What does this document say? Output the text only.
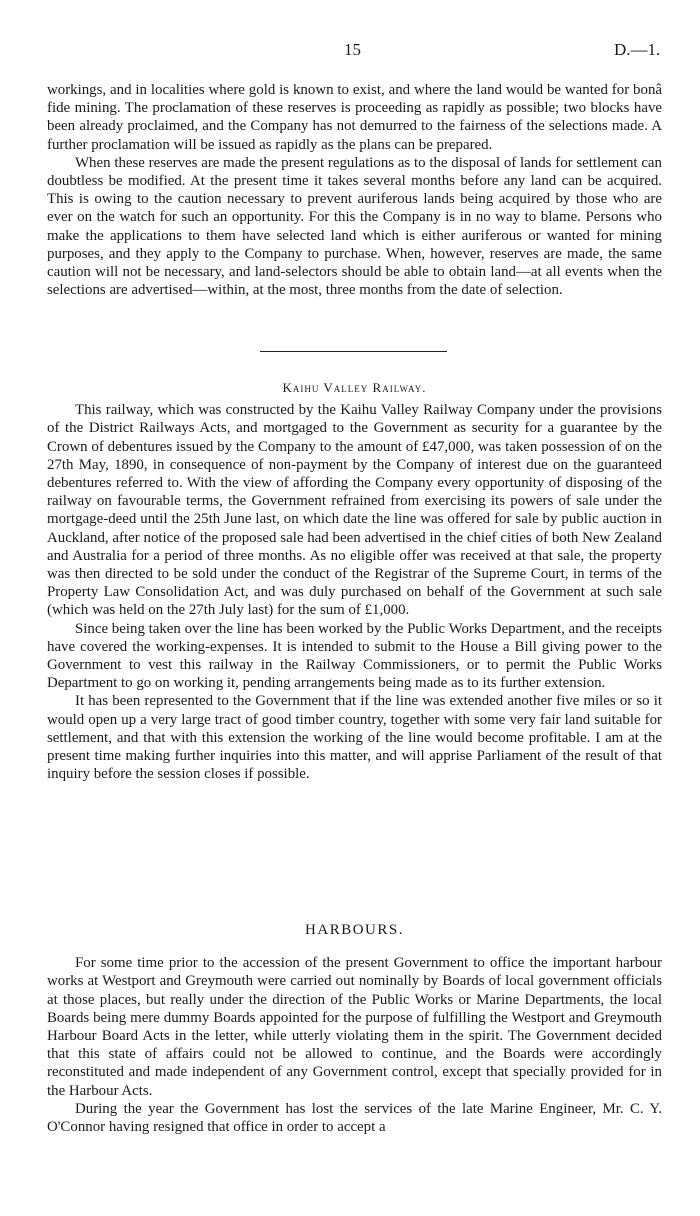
15	D.—1.

workings, and in localities where gold is known to exist, and where the land would be wanted for bonâ fide mining. The proclamation of these reserves is proceeding as rapidly as possible; two blocks have been already proclaimed, and the Company has not demurred to the fairness of the selections made. A further proclamation will be issued as rapidly as the plans can be prepared.

When these reserves are made the present regulations as to the disposal of lands for settlement can doubtless be modified. At the present time it takes several months before any land can be acquired. This is owing to the caution necessary to prevent auriferous lands being acquired by those who are ever on the watch for such an opportunity. For this the Company is in no way to blame. Persons who make the applications to them have selected land which is either auriferous or wanted for mining purposes, and they apply to the Company to purchase. When, however, reserves are made, the same caution will not be necessary, and land-selectors should be able to obtain land—at all events when the selections are advertised—within, at the most, three months from the date of selection.

Kaihu Valley Railway.

This railway, which was constructed by the Kaihu Valley Railway Company under the provisions of the District Railways Acts, and mortgaged to the Government as security for a guarantee by the Crown of debentures issued by the Company to the amount of £47,000, was taken possession of on the 27th May, 1890, in consequence of non-payment by the Company of interest due on the guaranteed debentures referred to. With the view of affording the Company every opportunity of disposing of the railway on favourable terms, the Government refrained from exercising its powers of sale under the mortgage-deed until the 25th June last, on which date the line was offered for sale by public auction in Auckland, after notice of the proposed sale had been advertised in the chief cities of both New Zealand and Australia for a period of three months. As no eligible offer was received at that sale, the property was then directed to be sold under the conduct of the Registrar of the Supreme Court, in terms of the Property Law Consolidation Act, and was duly purchased on behalf of the Government at such sale (which was held on the 27th July last) for the sum of £1,000.

Since being taken over the line has been worked by the Public Works Department, and the receipts have covered the working-expenses. It is intended to submit to the House a Bill giving power to the Government to vest this railway in the Railway Commissioners, or to permit the Public Works Department to go on working it, pending arrangements being made as to its further extension.

It has been represented to the Government that if the line was extended another five miles or so it would open up a very large tract of good timber country, together with some very fair land suitable for settlement, and that with this extension the working of the line would become profitable. I am at the present time making further inquiries into this matter, and will apprise Parliament of the result of that inquiry before the session closes if possible.

HARBOURS.

For some time prior to the accession of the present Government to office the important harbour works at Westport and Greymouth were carried out nominally by Boards of local government officials at those places, but really under the direction of the Public Works or Marine Departments, the local Boards being mere dummy Boards appointed for the purpose of fulfilling the Westport and Greymouth Harbour Board Acts in the letter, while utterly violating them in the spirit. The Government decided that this state of affairs could not be allowed to continue, and the Boards were accordingly reconstituted and made independent of any Government control, except that specially provided for in the Harbour Acts.

During the year the Government has lost the services of the late Marine Engineer, Mr. C. Y. O'Connor having resigned that office in order to accept a
